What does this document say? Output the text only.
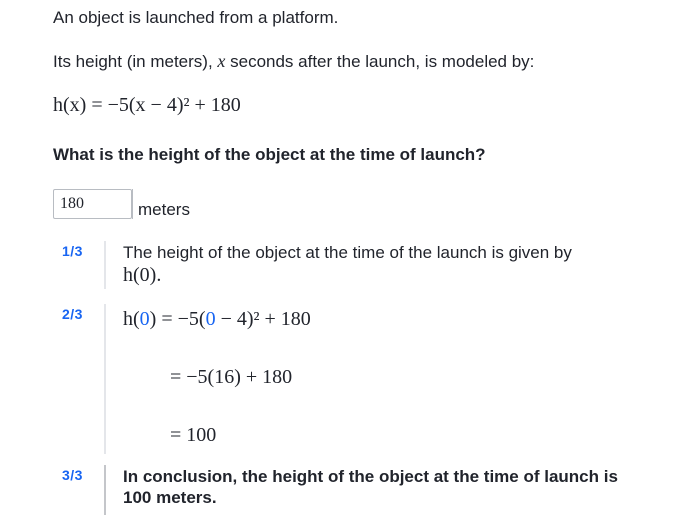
An object is launched from a platform.
Its height (in meters), x seconds after the launch, is modeled by:
h(x) = −5(x − 4)² + 180
What is the height of the object at the time of launch?
180
meters
1/3 The height of the object at the time of the launch is given by
h(0).
2/3 h(0) = −5(0 − 4)² + 180
= −5(16) + 180
= 100
3/3 In conclusion, the height of the object at the time of launch is
100 meters.
